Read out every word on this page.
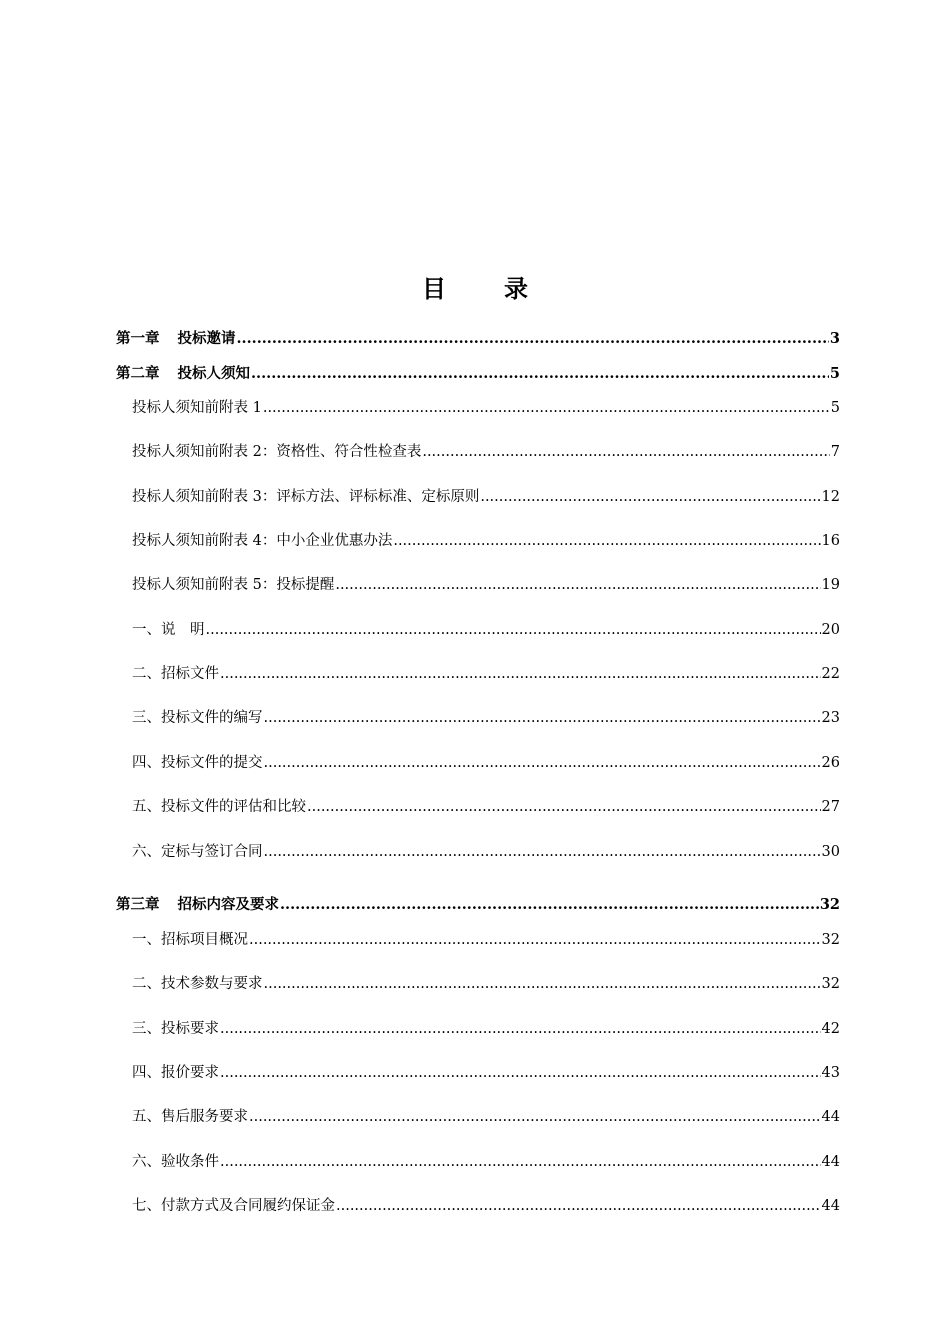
目 录
第一章 投标邀请 .....	3
第二章 投标人须知 .....	5
投标人须知前附表 1 .....	5
投标人须知前附表 2：资格性、符合性检查表 .....	7
投标人须知前附表 3：评标方法、评标标准、定标原则 .....	12
投标人须知前附表 4：中小企业优惠办法 .....	16
投标人须知前附表 5：投标提醒 .....	19
一、说　明 .....	20
二、招标文件 .....	22
三、投标文件的编写 .....	23
四、投标文件的提交 .....	26
五、投标文件的评估和比较 .....	27
六、定标与签订合同 .....	30
第三章 招标内容及要求 .....	32
一、招标项目概况 .....	32
二、技术参数与要求 .....	32
三、投标要求 .....	42
四、报价要求 .....	43
五、售后服务要求 .....	44
六、验收条件 .....	44
七、付款方式及合同履约保证金 .....	44
